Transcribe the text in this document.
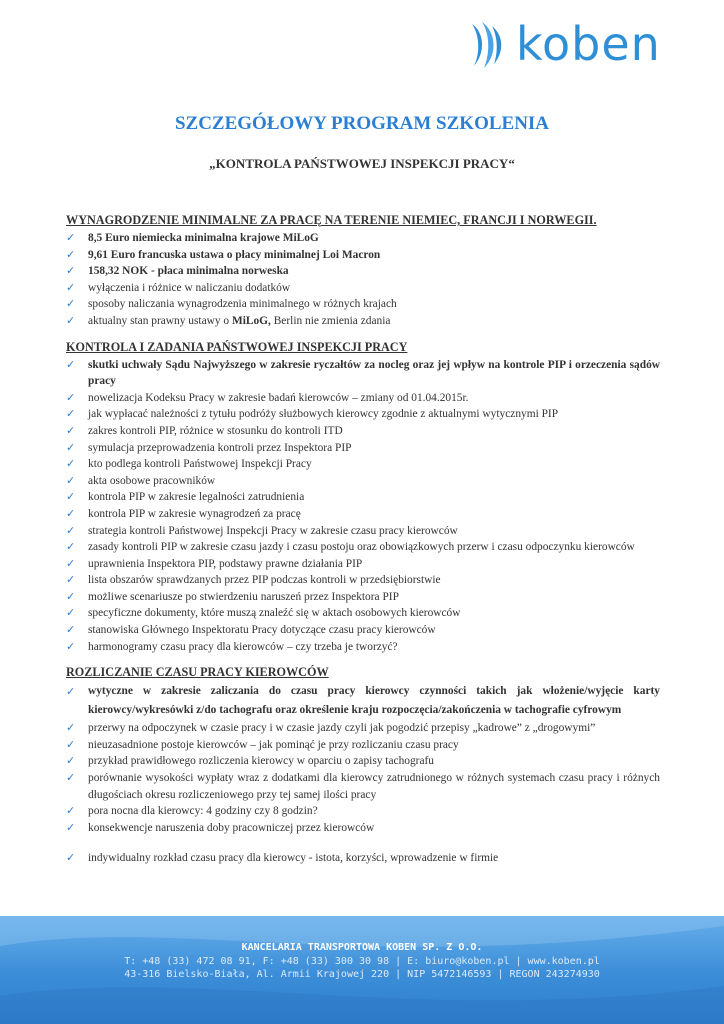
koben
SZCZEGÓŁOWY PROGRAM SZKOLENIA
„KONTROLA PAŃSTWOWEJ INSPEKCJI PRACY“
WYNAGRODZENIE MINIMALNE ZA PRACĘ NA TERENIE NIEMIEC, FRANCJI I NORWEGII.
✓ 8,5 Euro niemiecka minimalna krajowe MiLoG
✓ 9,61 Euro francuska ustawa o płacy minimalnej Loi Macron
✓ 158,32 NOK - płaca minimalna norweska
✓ wyłączenia i różnice w naliczaniu dodatków
✓ sposoby naliczania wynagrodzenia minimalnego w różnych krajach
✓ aktualny stan prawny ustawy o MiLoG, Berlin nie zmienia zdania
KONTROLA I ZADANIA PAŃSTWOWEJ INSPEKCJI PRACY
✓ skutki uchwały Sądu Najwyższego w zakresie ryczałtów za nocleg oraz jej wpływ na kontrole PIP i orzeczenia sądów pracy
✓ nowelizacja Kodeksu Pracy w zakresie badań kierowców – zmiany od 01.04.2015r.
✓ jak wypłacać należności z tytułu podróży służbowych kierowcy zgodnie z aktualnymi wytycznymi PIP
✓ zakres kontroli PIP, różnice w stosunku do kontroli ITD
✓ symulacja przeprowadzenia kontroli przez Inspektora PIP
✓ kto podlega kontroli Państwowej Inspekcji Pracy
✓ akta osobowe pracowników
✓ kontrola PIP w zakresie legalności zatrudnienia
✓ kontrola PIP w zakresie wynagrodzeń za pracę
✓ strategia kontroli Państwowej Inspekcji Pracy w zakresie czasu pracy kierowców
✓ zasady kontroli PIP w zakresie czasu jazdy i czasu postoju oraz obowiązkowych przerw i czasu odpoczynku kierowców
✓ uprawnienia Inspektora PIP, podstawy prawne działania PIP
✓ lista obszarów sprawdzanych przez PIP podczas kontroli w przedsiębiorstwie
✓ możliwe scenariusze po stwierdzeniu naruszeń przez Inspektora PIP
✓ specyficzne dokumenty, które muszą znaleźć się w aktach osobowych kierowców
✓ stanowiska Głównego Inspektoratu Pracy dotyczące czasu pracy kierowców
✓ harmonogramy czasu pracy dla kierowców – czy trzeba je tworzyć?
ROZLICZANIE CZASU PRACY KIEROWCÓW
✓ wytyczne w zakresie zaliczania do czasu pracy kierowcy czynności takich jak włożenie/wyjęcie karty kierowcy/wykresówki z/do tachografu oraz określenie kraju rozpoczęcia/zakończenia w tachografie cyfrowym
✓ przerwy na odpoczynek w czasie pracy i w czasie jazdy czyli jak pogodzić przepisy „kadrowe” z „drogowymi”
✓ nieuzasadnione postoje kierowców – jak pominąć je przy rozliczaniu czasu pracy
✓ przykład prawidłowego rozliczenia kierowcy w oparciu o zapisy tachografu
✓ porównanie wysokości wypłaty wraz z dodatkami dla kierowcy zatrudnionego w różnych systemach czasu pracy i różnych długościach okresu rozliczeniowego przy tej samej ilości pracy
✓ pora nocna dla kierowcy: 4 godziny czy 8 godzin?
✓ konsekwencje naruszenia doby pracowniczej przez kierowców
✓ indywidualny rozkład czasu pracy dla kierowcy - istota, korzyści, wprowadzenie w firmie
KANCELARIA TRANSPORTOWA KOBEN SP. Z O.O.
T: +48 (33) 472 08 91, F: +48 (33) 300 30 98 | E: biuro@koben.pl | www.koben.pl
43-316 Bielsko-Biała, Al. Armii Krajowej 220 | NIP 5472146593 | REGON 243274930
